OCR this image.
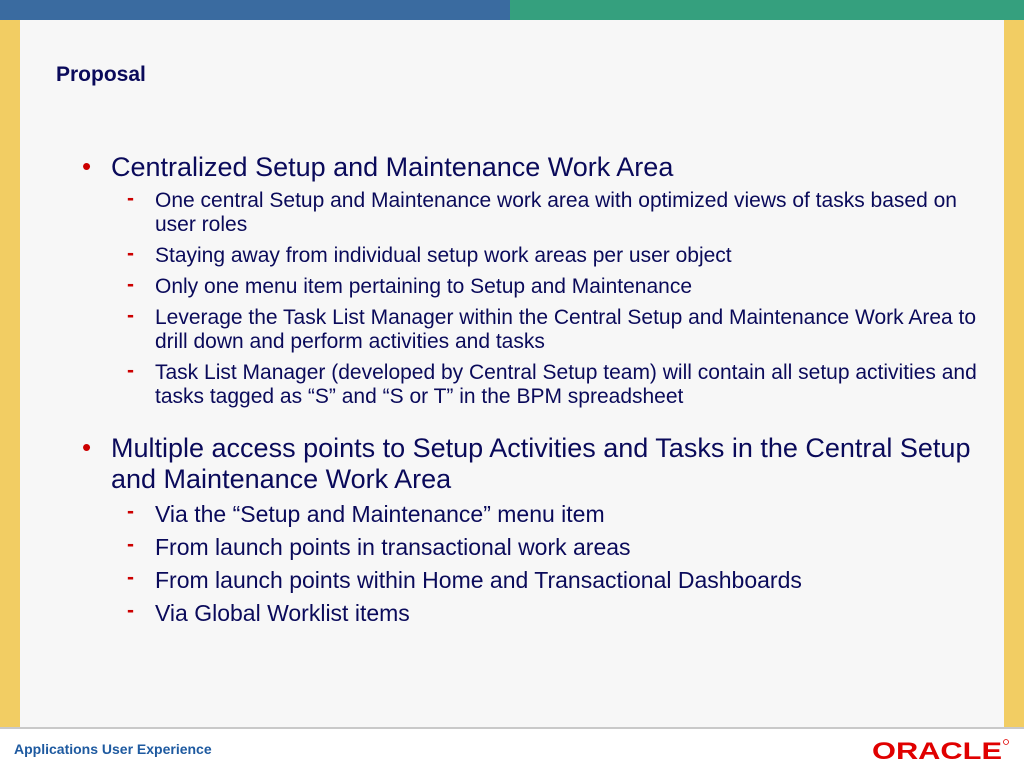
Proposal
• Centralized Setup and Maintenance Work Area
- One central Setup and Maintenance work area with optimized views of tasks based on user roles
- Staying away from individual setup work areas per user object
- Only one menu item pertaining to Setup and Maintenance
- Leverage the Task List Manager within the Central Setup and Maintenance Work Area to drill down and perform activities and tasks
- Task List Manager (developed by Central Setup team) will contain all setup activities and tasks tagged as “S” and “S or T” in the BPM spreadsheet
• Multiple access points to Setup Activities and Tasks in the Central Setup and Maintenance Work Area
- Via the “Setup and Maintenance” menu item
- From launch points in transactional work areas
- From launch points within Home and Transactional Dashboards
- Via Global Worklist items
Applications User Experience	ORACLE
